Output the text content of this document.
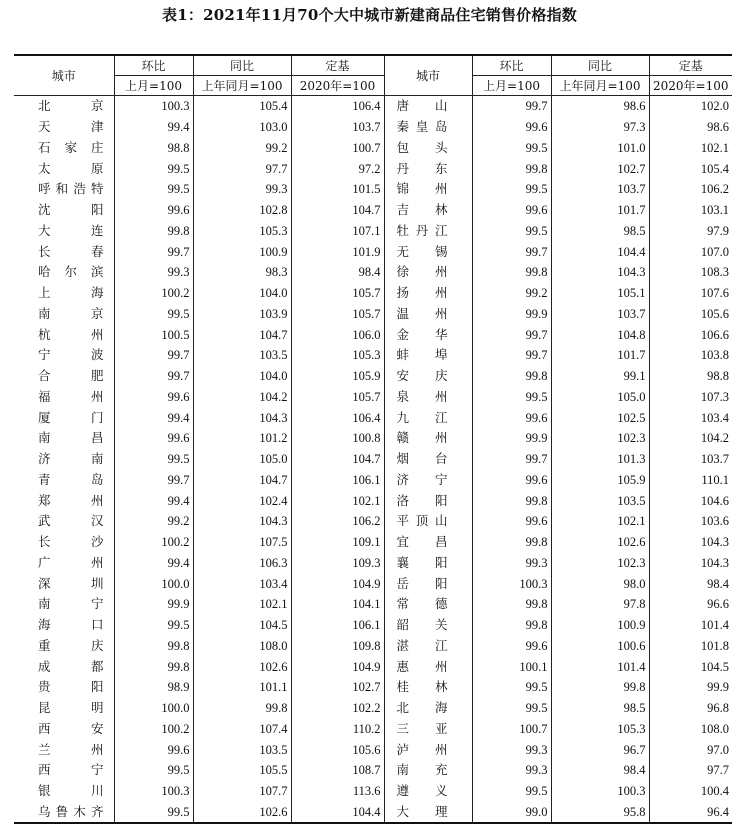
表1：2021年11月70个大中城市新建商品住宅销售价格指数
城市	环比	同比	定基	城市	环比	同比	定基
	上月=100	上年同月=100	2020年=100		上月=100	上年同月=100	2020年=100
北京	100.3	105.4	106.4	唐山	99.7	98.6	102.0
天津	99.4	103.0	103.7	秦皇岛	99.6	97.3	98.6
石家庄	98.8	99.2	100.7	包头	99.5	101.0	102.1
太原	99.5	97.7	97.2	丹东	99.8	102.7	105.4
呼和浩特	99.5	99.3	101.5	锦州	99.5	103.7	106.2
沈阳	99.6	102.8	104.7	吉林	99.6	101.7	103.1
大连	99.8	105.3	107.1	牡丹江	99.5	98.5	97.9
长春	99.7	100.9	101.9	无锡	99.7	104.4	107.0
哈尔滨	99.3	98.3	98.4	徐州	99.8	104.3	108.3
上海	100.2	104.0	105.7	扬州	99.2	105.1	107.6
南京	99.5	103.9	105.7	温州	99.9	103.7	105.6
杭州	100.5	104.7	106.0	金华	99.7	104.8	106.6
宁波	99.7	103.5	105.3	蚌埠	99.7	101.7	103.8
合肥	99.7	104.0	105.9	安庆	99.8	99.1	98.8
福州	99.6	104.2	105.7	泉州	99.5	105.0	107.3
厦门	99.4	104.3	106.4	九江	99.6	102.5	103.4
南昌	99.6	101.2	100.8	赣州	99.9	102.3	104.2
济南	99.5	105.0	104.7	烟台	99.7	101.3	103.7
青岛	99.7	104.7	106.1	济宁	99.6	105.9	110.1
郑州	99.4	102.4	102.1	洛阳	99.8	103.5	104.6
武汉	99.2	104.3	106.2	平顶山	99.6	102.1	103.6
长沙	100.2	107.5	109.1	宜昌	99.8	102.6	104.3
广州	99.4	106.3	109.3	襄阳	99.3	102.3	104.3
深圳	100.0	103.4	104.9	岳阳	100.3	98.0	98.4
南宁	99.9	102.1	104.1	常德	99.8	97.8	96.6
海口	99.5	104.5	106.1	韶关	99.8	100.9	101.4
重庆	99.8	108.0	109.8	湛江	99.6	100.6	101.8
成都	99.8	102.6	104.9	惠州	100.1	101.4	104.5
贵阳	98.9	101.1	102.7	桂林	99.5	99.8	99.9
昆明	100.0	99.8	102.2	北海	99.5	98.5	96.8
西安	100.2	107.4	110.2	三亚	100.7	105.3	108.0
兰州	99.6	103.5	105.6	泸州	99.3	96.7	97.0
西宁	99.5	105.5	108.7	南充	99.3	98.4	97.7
银川	100.3	107.7	113.6	遵义	99.5	100.3	100.4
乌鲁木齐	99.5	102.6	104.4	大理	99.0	95.8	96.4
